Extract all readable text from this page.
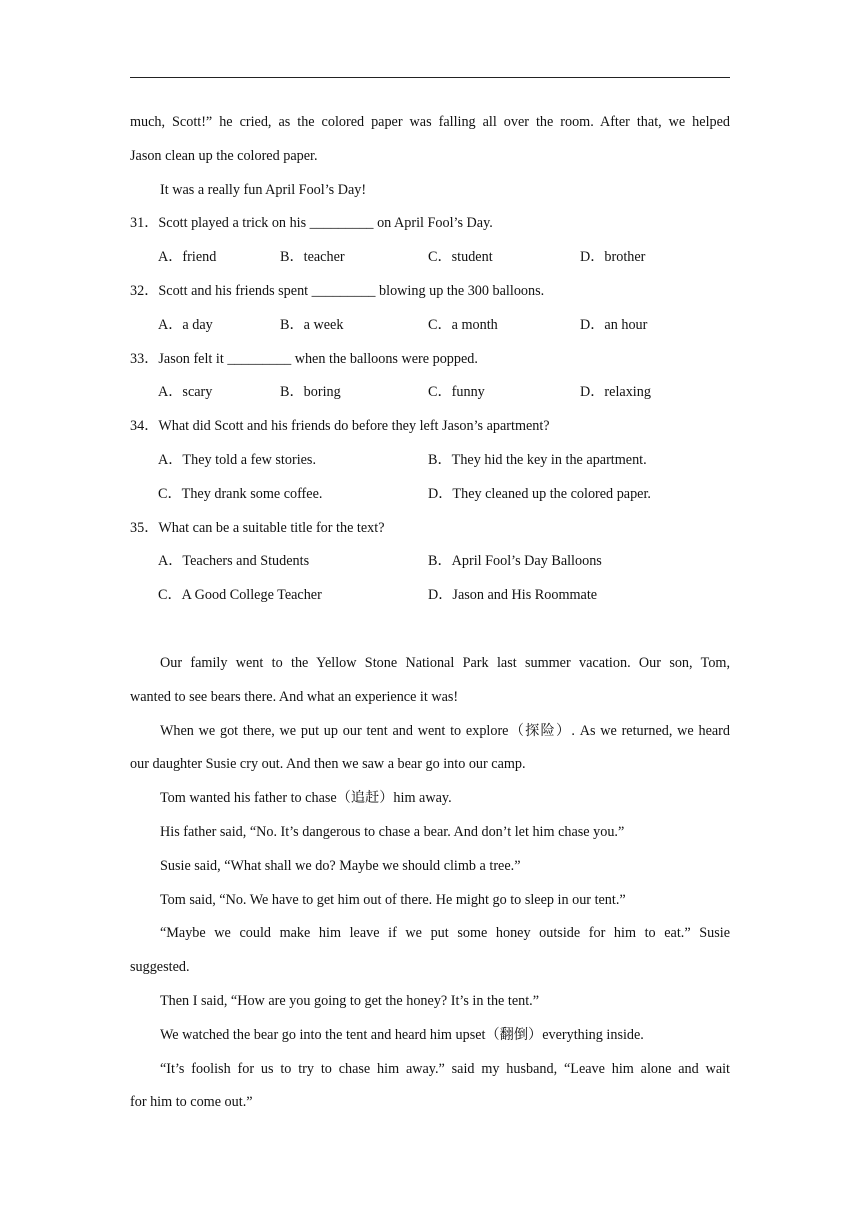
much, Scott!” he cried, as the colored paper was falling all over the room. After that, we helped
Jason clean up the colored paper.
It was a really fun April Fool’s Day!
31．Scott played a trick on his _________ on April Fool’s Day.
A．friend	B．teacher	C．student	D．brother
32．Scott and his friends spent _________ blowing up the 300 balloons.
A．a day	B．a week	C．a month	D．an hour
33．Jason felt it _________ when the balloons were popped.
A．scary	B．boring	C．funny	D．relaxing
34．What did Scott and his friends do before they left Jason’s apartment?
A．They told a few stories.	B．They hid the key in the apartment.
C．They drank some coffee.	D．They cleaned up the colored paper.
35．What can be a suitable title for the text?
A．Teachers and Students	B．April Fool’s Day Balloons
C．A Good College Teacher	D．Jason and His Roommate
Our family went to the Yellow Stone National Park last summer vacation. Our son, Tom,
wanted to see bears there. And what an experience it was!
When we got there, we put up our tent and went to explore（探险）. As we returned, we heard
our daughter Susie cry out. And then we saw a bear go into our camp.
Tom wanted his father to chase（追赶）him away.
His father said, “No. It’s dangerous to chase a bear. And don’t let him chase you.”
Susie said, “What shall we do? Maybe we should climb a tree.”
Tom said, “No. We have to get him out of there. He might go to sleep in our tent.”
“Maybe we could make him leave if we put some honey outside for him to eat.” Susie
suggested.
Then I said, “How are you going to get the honey? It’s in the tent.”
We watched the bear go into the tent and heard him upset（翻倒）everything inside.
“It’s foolish for us to try to chase him away.” said my husband, “Leave him alone and wait
for him to come out.”
